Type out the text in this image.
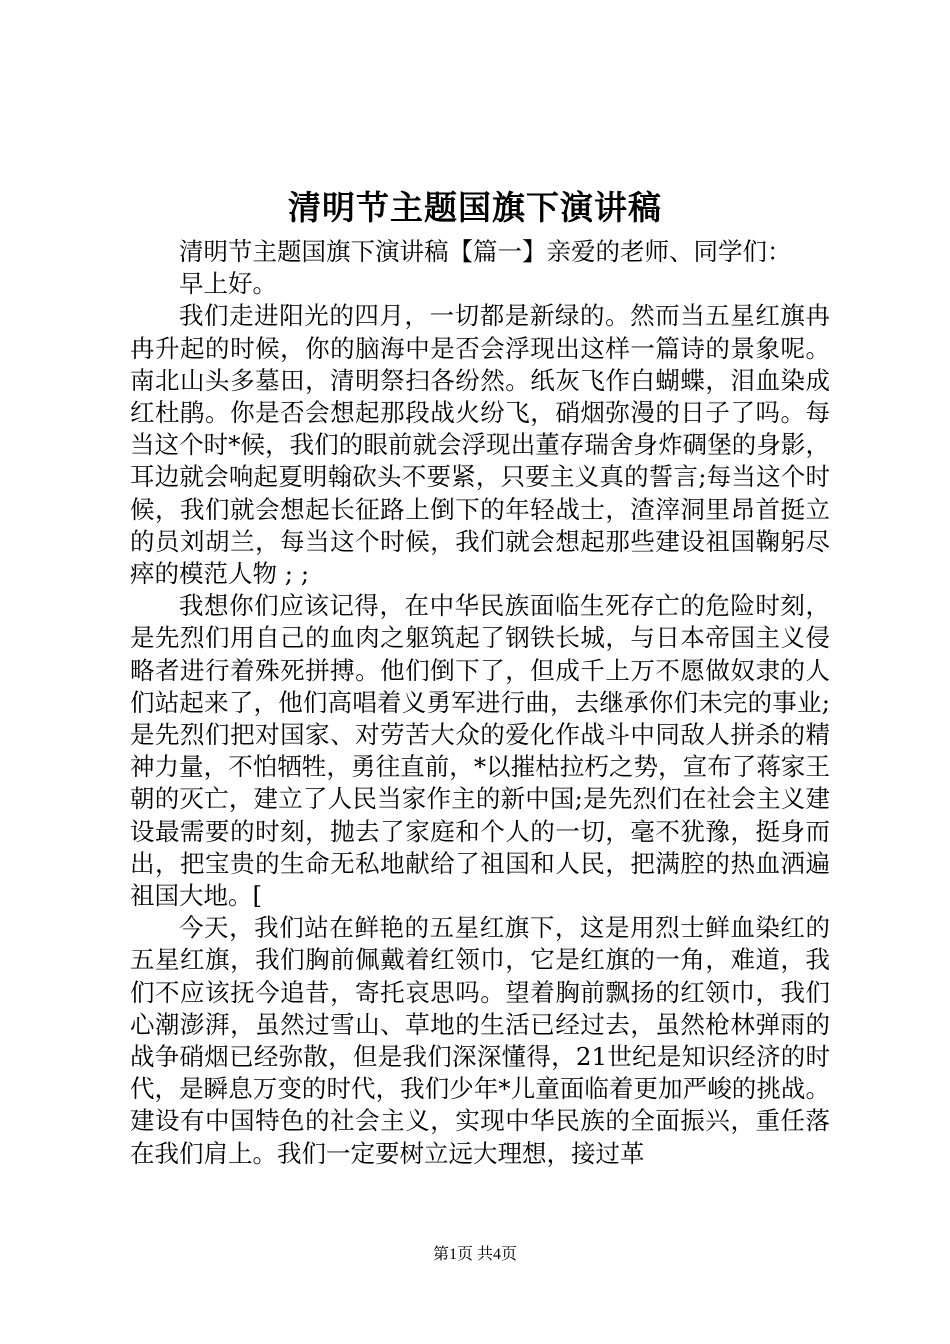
清明节主题国旗下演讲稿

清明节主题国旗下演讲稿【篇一】亲爱的老师、同学们：

早上好。

我们走进阳光的四月，一切都是新绿的。然而当五星红旗冉冉升起的时候，你的脑海中是否会浮现出这样一篇诗的景象呢。南北山头多墓田，清明祭扫各纷然。纸灰飞作白蝴蝶，泪血染成红杜鹃。你是否会想起那段战火纷飞，硝烟弥漫的日子了吗。每当这个时*候，我们的眼前就会浮现出董存瑞舍身炸碉堡的身影，耳边就会响起夏明翰砍头不要紧，只要主义真的誓言;每当这个时候，我们就会想起长征路上倒下的年轻战士，渣滓洞里昂首挺立的员刘胡兰，每当这个时候，我们就会想起那些建设祖国鞠躬尽瘁的模范人物 ; ;

我想你们应该记得，在中华民族面临生死存亡的危险时刻，是先烈们用自己的血肉之躯筑起了钢铁长城，与日本帝国主义侵略者进行着殊死拼搏。他们倒下了，但成千上万不愿做奴隶的人们站起来了，他们高唱着义勇军进行曲，去继承你们未完的事业;是先烈们把对国家、对劳苦大众的爱化作战斗中同敌人拼杀的精神力量，不怕牺牲，勇往直前，*以摧枯拉朽之势，宣布了蒋家王朝的灭亡，建立了人民当家作主的新中国;是先烈们在社会主义建设最需要的时刻，抛去了家庭和个人的一切，毫不犹豫，挺身而出，把宝贵的生命无私地献给了祖国和人民，把满腔的热血洒遍祖国大地。[

今天，我们站在鲜艳的五星红旗下，这是用烈士鲜血染红的五星红旗，我们胸前佩戴着红领巾，它是红旗的一角，难道，我们不应该抚今追昔，寄托哀思吗。望着胸前飘扬的红领巾，我们心潮澎湃，虽然过雪山、草地的生活已经过去，虽然枪林弹雨的战争硝烟已经弥散，但是我们深深懂得，21世纪是知识经济的时代，是瞬息万变的时代，我们少年*儿童面临着更加严峻的挑战。建设有中国特色的社会主义，实现中华民族的全面振兴，重任落在我们肩上。我们一定要树立远大理想，接过革

第1页 共4页
